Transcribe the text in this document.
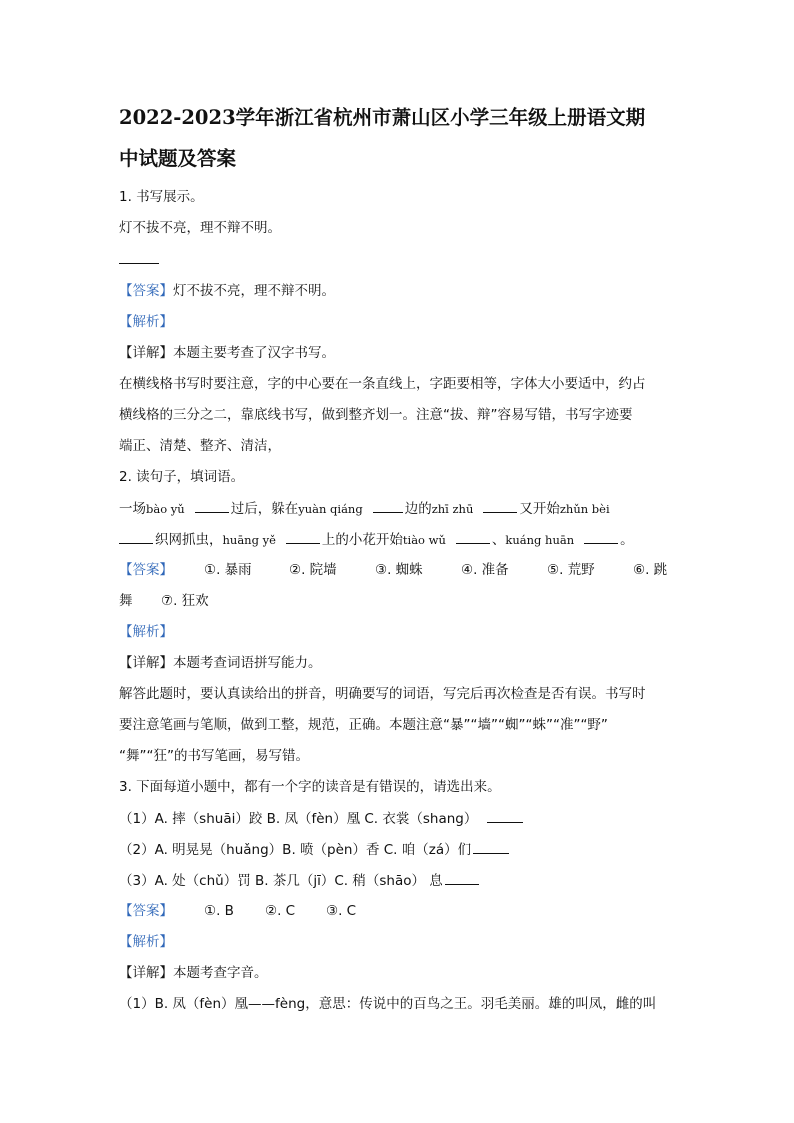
2022-2023学年浙江省杭州市萧山区小学三年级上册语文期
中试题及答案
1. 书写展示。
灯不拔不亮，理不辩不明。
【答案】灯不拔不亮，理不辩不明。
【解析】
【详解】本题主要考查了汉字书写。
在横线格书写时要注意，字的中心要在一条直线上，字距要相等，字体大小要适中，约占
横线格的三分之二，靠底线书写，做到整齐划一。注意“拔、辩”容易写错，书写字迹要
端正、清楚、整齐、清洁，
2. 读句子，填词语。
一场bào yǔ	过后，躲在yuàn qiáng	边的zhī zhū	又开始zhǔn bèi
织网抓虫，huāng yě	上的小花开始tiào wǔ	、kuáng huān	。
【答案】 ①. 暴雨	②. 院墙	③. 蜘蛛	④. 准备	⑤. 荒野	⑥. 跳
舞 ⑦. 狂欢
【解析】
【详解】本题考查词语拼写能力。
解答此题时，要认真读给出的拼音，明确要写的词语，写完后再次检查是否有误。书写时
要注意笔画与笔顺，做到工整，规范，正确。本题注意“暴”“墙”“蜘”“蛛”“准”“野”
“舞”“狂”的书写笔画，易写错。
3. 下面每道小题中，都有一个字的读音是有错误的，请选出来。
（1）A. 摔（shuāi）跤 B. 凤（fèn）凰 C. 衣裳（shang）
（2）A. 明晃晃（huǎng）B. 喷（pèn）香 C. 咱（zá）们
（3）A. 处（chǔ）罚 B. 茶几（jī）C. 稍（shāo） 息
【答案】 ①. B ②. C ③. C
【解析】
【详解】本题考查字音。
（1）B. 凤（fèn）凰——fèng，意思：传说中的百鸟之王。羽毛美丽。雄的叫凤，雌的叫
